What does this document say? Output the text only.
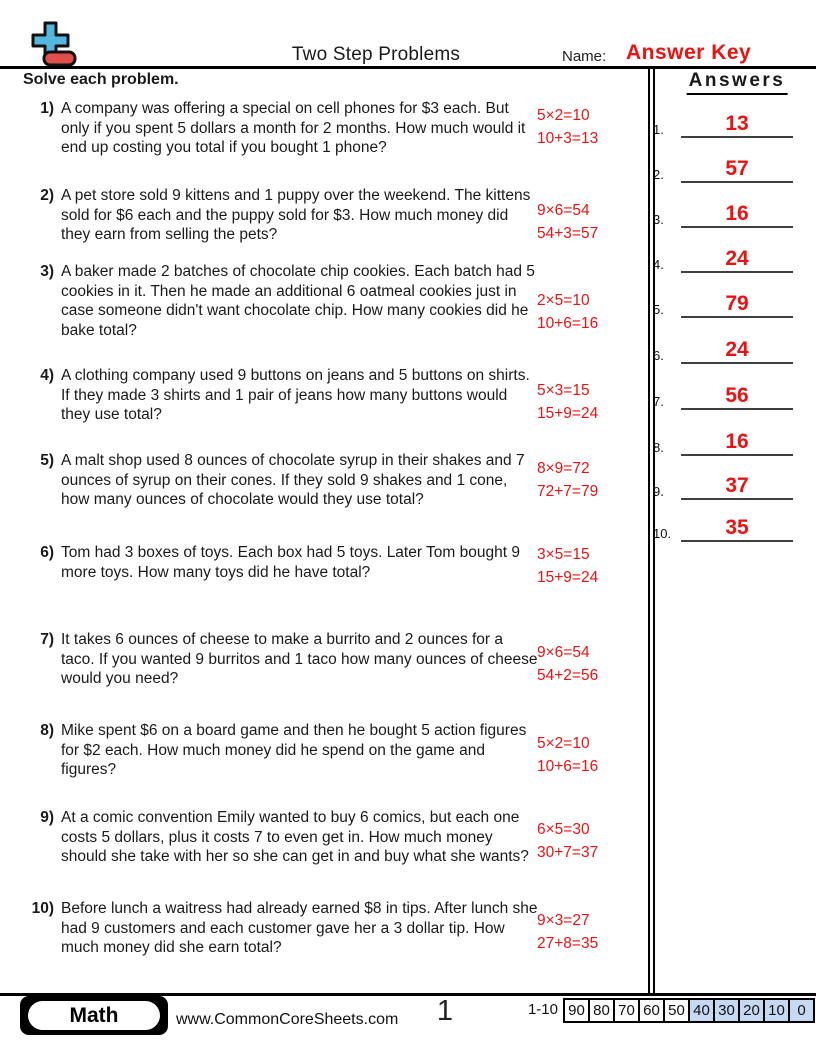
Two Step Problems	Name: Answer Key
Solve each problem.	Answers
1.	13
2.	57
3.	16
4.	24
5.	79
6.	24
7.	56
8.	16
9.	37
10.	35
1) A company was offering a special on cell phones for $3 each. But only if you spent 5 dollars a month for 2 months. How much would it end up costing you total if you bought 1 phone?
5×2=10
10+3=13
2) A pet store sold 9 kittens and 1 puppy over the weekend. The kittens sold for $6 each and the puppy sold for $3. How much money did they earn from selling the pets?
9×6=54
54+3=57
3) A baker made 2 batches of chocolate chip cookies. Each batch had 5 cookies in it. Then he made an additional 6 oatmeal cookies just in case someone didn't want chocolate chip. How many cookies did he bake total?
2×5=10
10+6=16
4) A clothing company used 9 buttons on jeans and 5 buttons on shirts. If they made 3 shirts and 1 pair of jeans how many buttons would they use total?
5×3=15
15+9=24
5) A malt shop used 8 ounces of chocolate syrup in their shakes and 7 ounces of syrup on their cones. If they sold 9 shakes and 1 cone, how many ounces of chocolate would they use total?
8×9=72
72+7=79
6) Tom had 3 boxes of toys. Each box had 5 toys. Later Tom bought 9 more toys. How many toys did he have total?
3×5=15
15+9=24
7) It takes 6 ounces of cheese to make a burrito and 2 ounces for a taco. If you wanted 9 burritos and 1 taco how many ounces of cheese would you need?
9×6=54
54+2=56
8) Mike spent $6 on a board game and then he bought 5 action figures for $2 each. How much money did he spend on the game and figures?
5×2=10
10+6=16
9) At a comic convention Emily wanted to buy 6 comics, but each one costs 5 dollars, plus it costs 7 to even get in. How much money should she take with her so she can get in and buy what she wants?
6×5=30
30+7=37
10) Before lunch a waitress had already earned $8 in tips. After lunch she had 9 customers and each customer gave her a 3 dollar tip. How much money did she earn total?
9×3=27
27+8=35
Math	www.CommonCoreSheets.com	1	1-10 90 80 70 60 50 40 30 20 10 0
